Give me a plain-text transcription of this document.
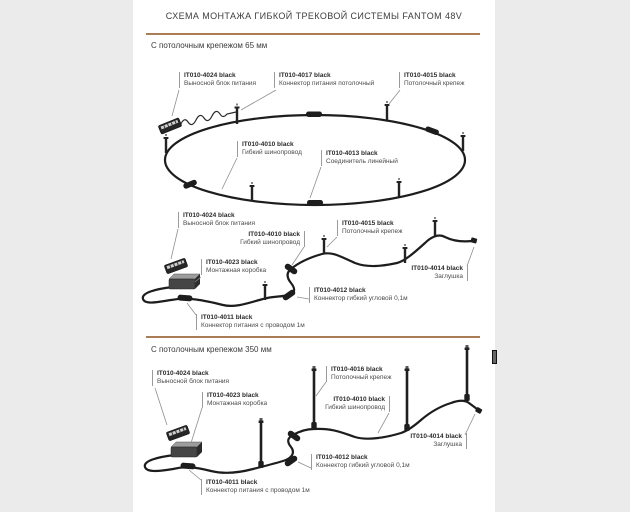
СХЕМА МОНТАЖА ГИБКОЙ ТРЕКОВОЙ СИСТЕМЫ FANTOM 48V
С потолочным крепежом 65 мм
С потолочным крепежом 350 мм
IT010-4024 black
Выносной блок питания
IT010-4017 black
Коннектор питания потолочный
IT010-4015 black
Потолочный крепеж
IT010-4010 black
Гибкий шинопровод	IT010-4013 black
Соединитель линейный
IT010-4024 black
Выносной блок питания
IT010-4010 black
Гибкий шинопровод
IT010-4023 black
Монтажная коробка
IT010-4015 black
Потолочный крепеж
IT010-4014 black
Заглушка
IT010-4012 black
Коннектор гибкий угловой 0,1м
IT010-4011 black
Коннектор питания с проводом 1м
IT010-4024 black
Выносной блок питания
IT010-4023 black
Монтажная коробка
IT010-4016 black
Потолочный крепеж
IT010-4010 black
Гибкий шинопровод
IT010-4014 black
Заглушка
IT010-4012 black
Коннектор гибкий угловой 0,1м
IT010-4011 black
Коннектор питания с проводом 1м
